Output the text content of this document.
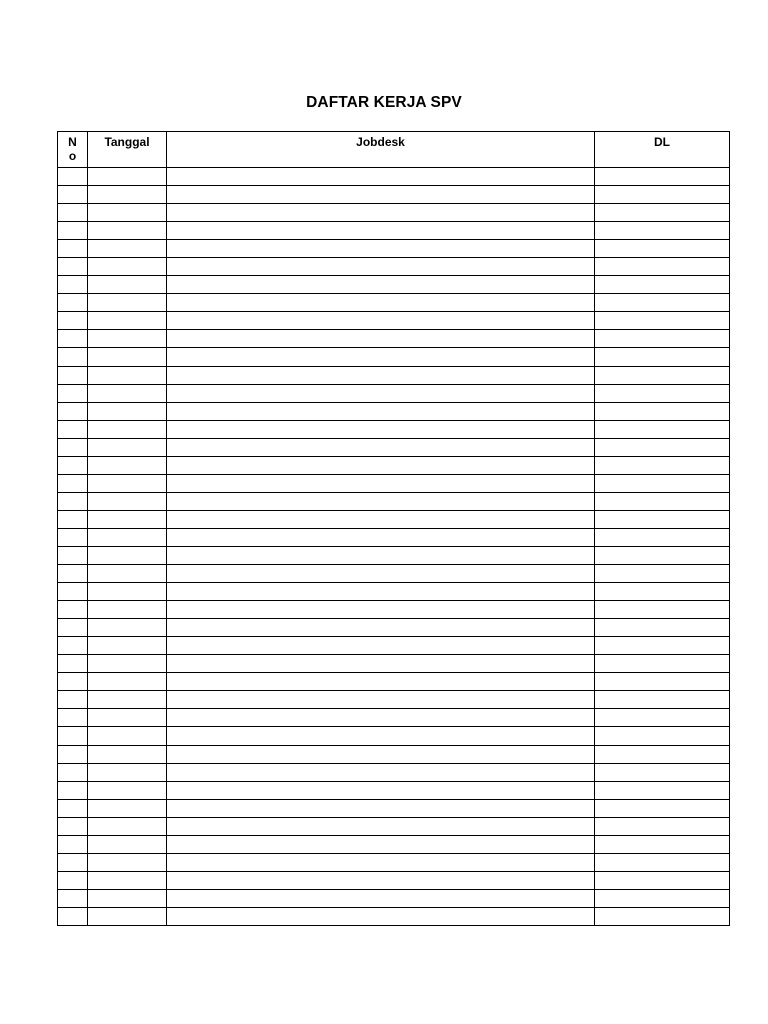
DAFTAR KERJA SPV
No	Tanggal	Jobdesk	DL
